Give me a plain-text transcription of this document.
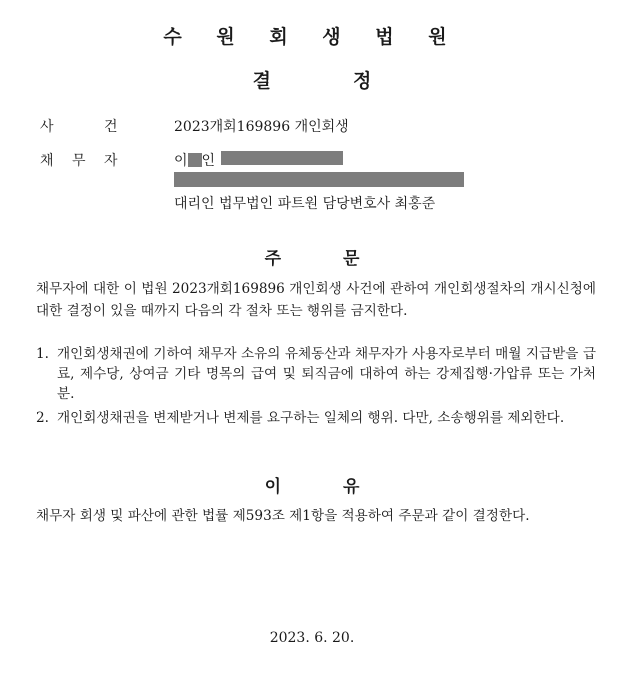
수 원 회 생 법 원
결	정
사	건	2023개회169896 개인회생
채 무 자	이 인
대리인 법무법인 파트원 담당변호사 최홍준
주	문
채무자에 대한 이 법원 2023개회169896 개인회생 사건에 관하여 개인회생절차의 개시신청에 대한 결정이 있을 때까지 다음의 각 절차 또는 행위를 금지한다.
1. 개인회생채권에 기하여 채무자 소유의 유체동산과 채무자가 사용자로부터 매월 지급받을 급료, 제수당, 상여금 기타 명목의 급여 및 퇴직금에 대하여 하는 강제집행·가압류 또는 가처분.
2. 개인회생채권을 변제받거나 변제를 요구하는 일체의 행위. 다만, 소송행위를 제외한다.
이	유
채무자 회생 및 파산에 관한 법률 제593조 제1항을 적용하여 주문과 같이 결정한다.
2023. 6. 20.
